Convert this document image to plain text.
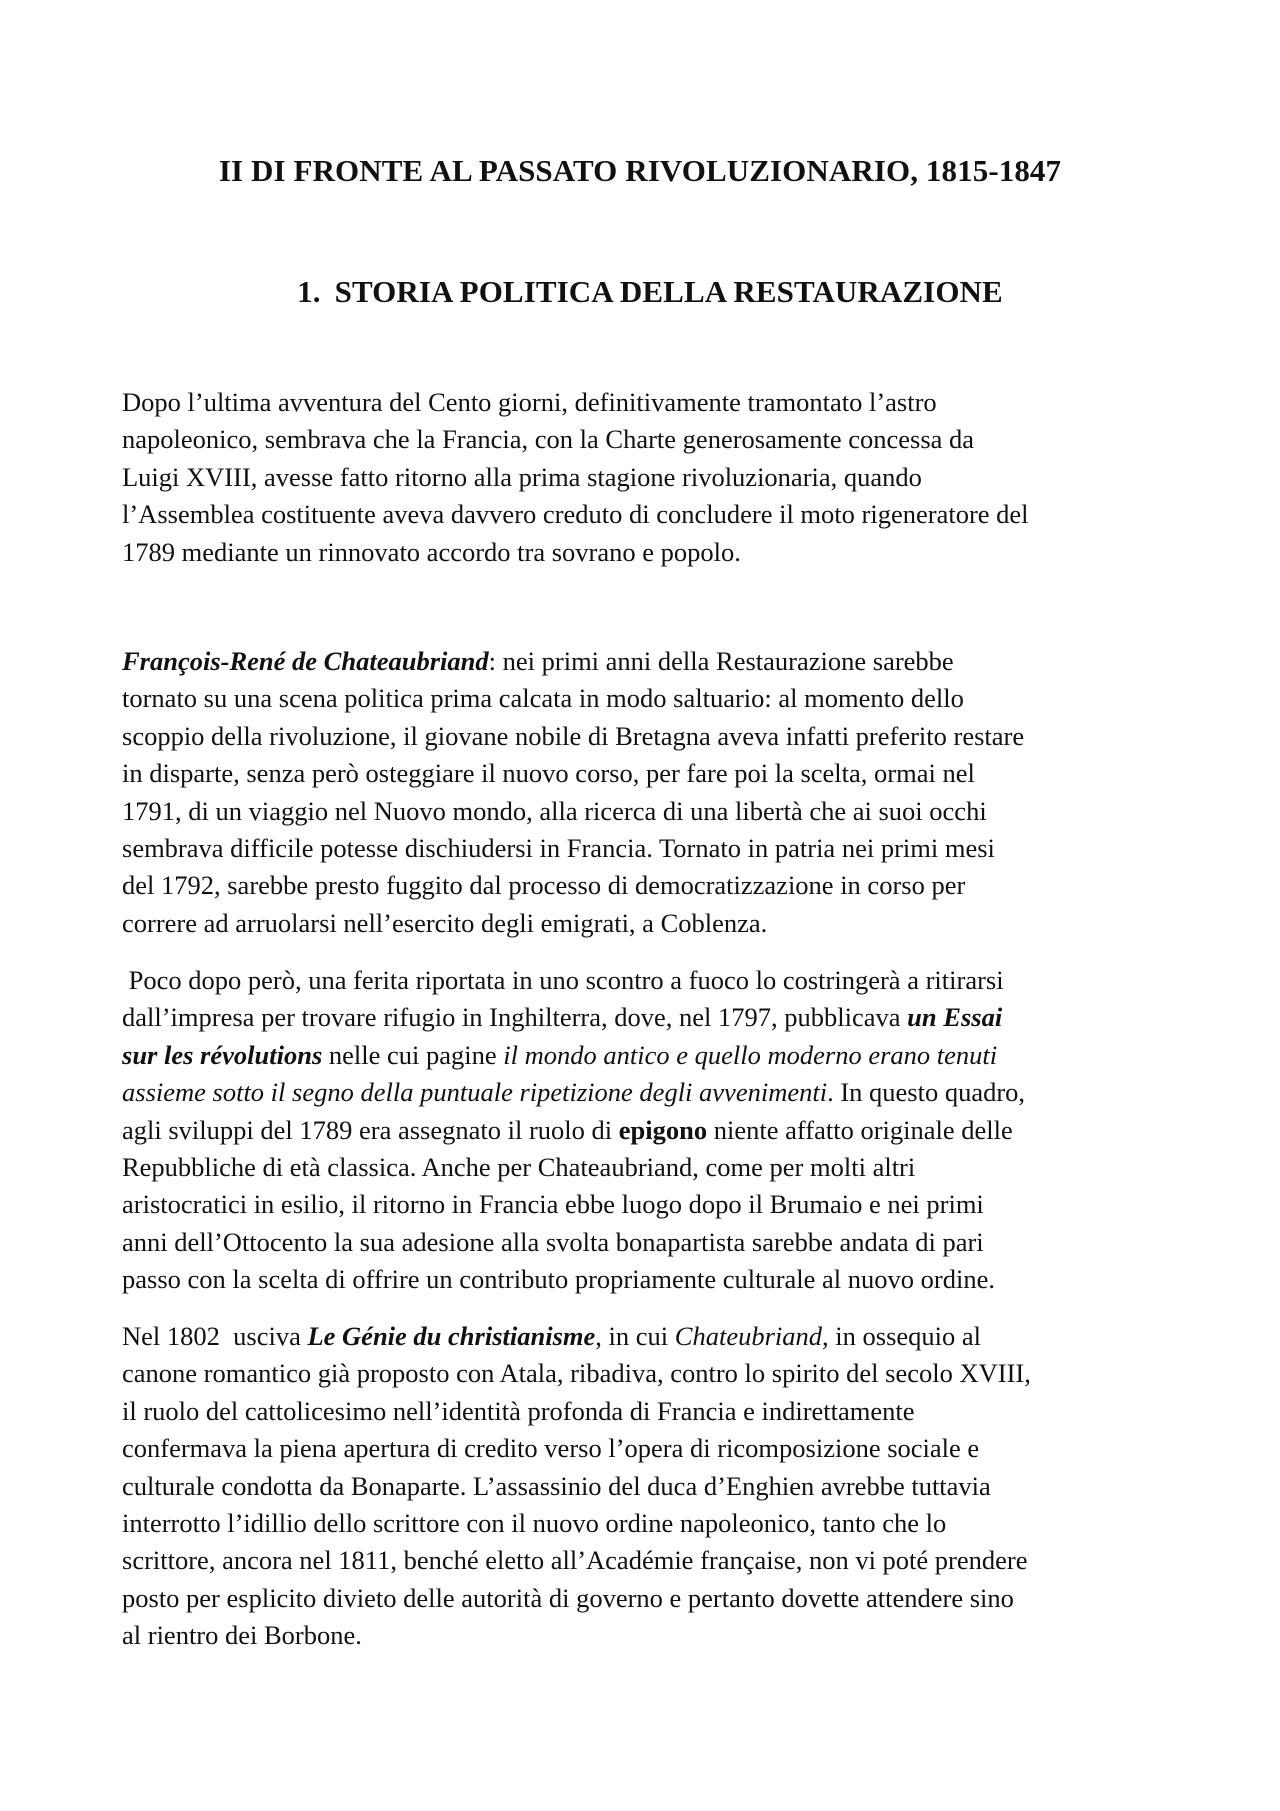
II DI FRONTE AL PASSATO RIVOLUZIONARIO, 1815-1847
1. STORIA POLITICA DELLA RESTAURAZIONE
Dopo l’ultima avventura del Cento giorni, definitivamente tramontato l’astro
napoleonico, sembrava che la Francia, con la Charte generosamente concessa da
Luigi XVIII, avesse fatto ritorno alla prima stagione rivoluzionaria, quando
l’Assemblea costituente aveva davvero creduto di concludere il moto rigeneratore del
1789 mediante un rinnovato accordo tra sovrano e popolo.
François-René de Chateaubriand: nei primi anni della Restaurazione sarebbe
tornato su una scena politica prima calcata in modo saltuario: al momento dello
scoppio della rivoluzione, il giovane nobile di Bretagna aveva infatti preferito restare
in disparte, senza però osteggiare il nuovo corso, per fare poi la scelta, ormai nel
1791, di un viaggio nel Nuovo mondo, alla ricerca di una libertà che ai suoi occhi
sembrava difficile potesse dischiudersi in Francia. Tornato in patria nei primi mesi
del 1792, sarebbe presto fuggito dal processo di democratizzazione in corso per
correre ad arruolarsi nell’esercito degli emigrati, a Coblenza.
Poco dopo però, una ferita riportata in uno scontro a fuoco lo costringerà a ritirarsi
dall’impresa per trovare rifugio in Inghilterra, dove, nel 1797, pubblicava un Essai
sur les révolutions nelle cui pagine il mondo antico e quello moderno erano tenuti
assieme sotto il segno della puntuale ripetizione degli avvenimenti. In questo quadro,
agli sviluppi del 1789 era assegnato il ruolo di epigono niente affatto originale delle
Repubbliche di età classica. Anche per Chateaubriand, come per molti altri
aristocratici in esilio, il ritorno in Francia ebbe luogo dopo il Brumaio e nei primi
anni dell’Ottocento la sua adesione alla svolta bonapartista sarebbe andata di pari
passo con la scelta di offrire un contributo propriamente culturale al nuovo ordine.
Nel 1802  usciva Le Génie du christianisme, in cui Chateubriand, in ossequio al
canone romantico già proposto con Atala, ribadiva, contro lo spirito del secolo XVIII,
il ruolo del cattolicesimo nell’identità profonda di Francia e indirettamente
confermava la piena apertura di credito verso l’opera di ricomposizione sociale e
culturale condotta da Bonaparte. L’assassinio del duca d’Enghien avrebbe tuttavia
interrotto l’idillio dello scrittore con il nuovo ordine napoleonico, tanto che lo
scrittore, ancora nel 1811, benché eletto all’Académie française, non vi poté prendere
posto per esplicito divieto delle autorità di governo e pertanto dovette attendere sino
al rientro dei Borbone.
